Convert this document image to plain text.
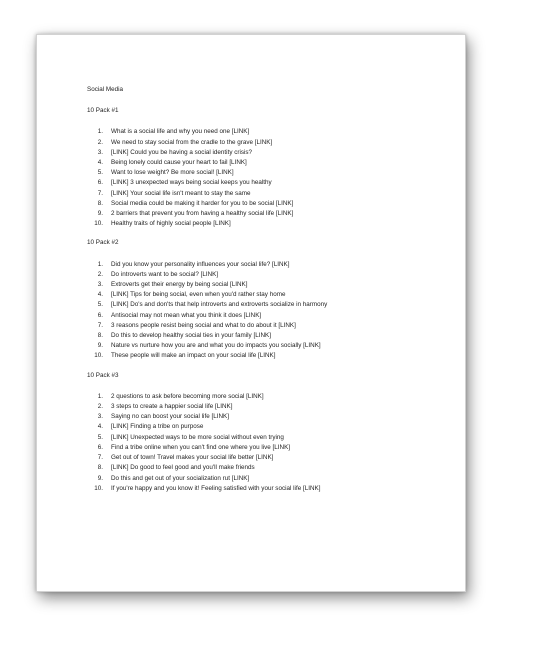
Social Media
10 Pack #1
1.	What is a social life and why you need one [LINK]
2.	We need to stay social from the cradle to the grave [LINK]
3.	[LINK] Could you be having a social identity crisis?
4.	Being lonely could cause your heart to fail [LINK]
5.	Want to lose weight? Be more social! [LINK]
6.	[LINK] 3 unexpected ways being social keeps you healthy
7.	[LINK] Your social life isn't meant to stay the same
8.	Social media could be making it harder for you to be social [LINK]
9.	2 barriers that prevent you from having a healthy social life [LINK]
10.	Healthy traits of highly social people [LINK]
10 Pack #2
1.	Did you know your personality influences your social life? [LINK]
2.	Do introverts want to be social? [LINK]
3.	Extroverts get their energy by being social [LINK]
4.	[LINK] Tips for being social, even when you'd rather stay home
5.	[LINK] Do's and don'ts that help introverts and extroverts socialize in harmony
6.	Antisocial may not mean what you think it does [LINK]
7.	3 reasons people resist being social and what to do about it [LINK]
8.	Do this to develop healthy social ties in your family [LINK]
9.	Nature vs nurture how you are and what you do impacts you socially [LINK]
10.	These people will make an impact on your social life [LINK]
10 Pack #3
1.	2 questions to ask before becoming more social [LINK]
2.	3 steps to create a happier social life [LINK]
3.	Saying no can boost your social life [LINK]
4.	[LINK] Finding a tribe on purpose
5.	[LINK] Unexpected ways to be more social without even trying
6.	Find a tribe online when you can't find one where you live [LINK]
7.	Get out of town! Travel makes your social life better [LINK]
8.	[LINK] Do good to feel good and you'll make friends
9.	Do this and get out of your socialization rut [LINK]
10.	If you're happy and you know it! Feeling satisfied with your social life [LINK]
